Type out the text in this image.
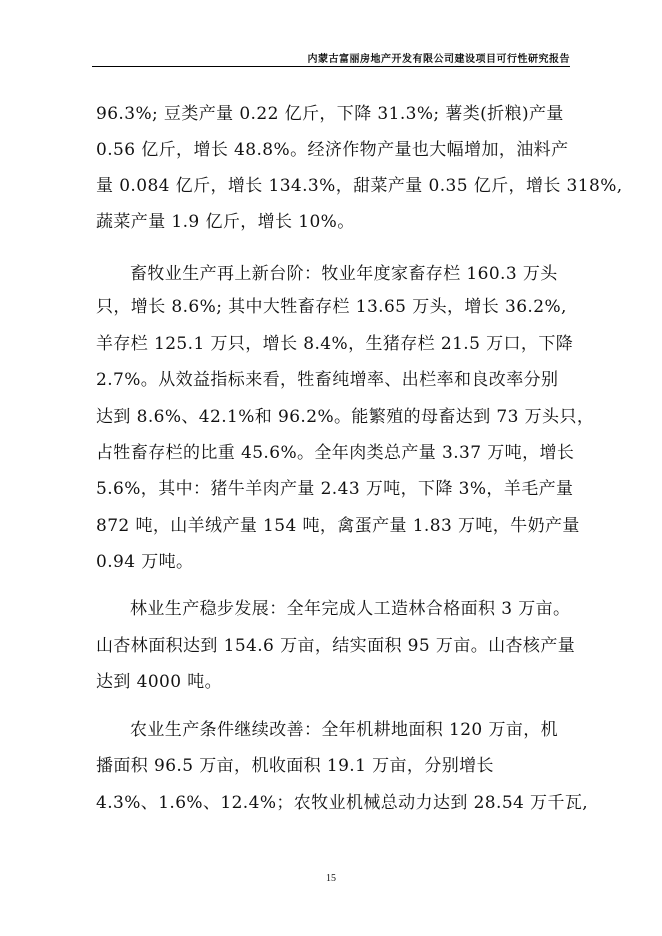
内蒙古富丽房地产开发有限公司建设项目可行性研究报告
96.3%; 豆类产量 0.22 亿斤，下降 31.3%; 薯类(折粮)产量
0.56 亿斤，增长 48.8%。经济作物产量也大幅增加，油料产
量 0.084 亿斤，增长 134.3%，甜菜产量 0.35 亿斤，增长 318%,
蔬菜产量 1.9 亿斤，增长 10%。
畜牧业生产再上新台阶：牧业年度家畜存栏 160.3 万头
只，增长 8.6%; 其中大牲畜存栏 13.65 万头，增长 36.2%,
羊存栏 125.1 万只，增长 8.4%，生猪存栏 21.5 万口，下降
2.7%。从效益指标来看，牲畜纯增率、出栏率和良改率分别
达到 8.6%、42.1%和 96.2%。能繁殖的母畜达到 73 万头只，
占牲畜存栏的比重 45.6%。全年肉类总产量 3.37 万吨，增长
5.6%，其中：猪牛羊肉产量 2.43 万吨，下降 3%，羊毛产量
872 吨，山羊绒产量 154 吨，禽蛋产量 1.83 万吨，牛奶产量
0.94 万吨。
林业生产稳步发展：全年完成人工造林合格面积 3 万亩。
山杏林面积达到 154.6 万亩，结实面积 95 万亩。山杏核产量
达到 4000 吨。
农业生产条件继续改善：全年机耕地面积 120 万亩，机
播面积 96.5 万亩，机收面积 19.1 万亩，分别增长
4.3%、1.6%、12.4%；农牧业机械总动力达到 28.54 万千瓦,
15
